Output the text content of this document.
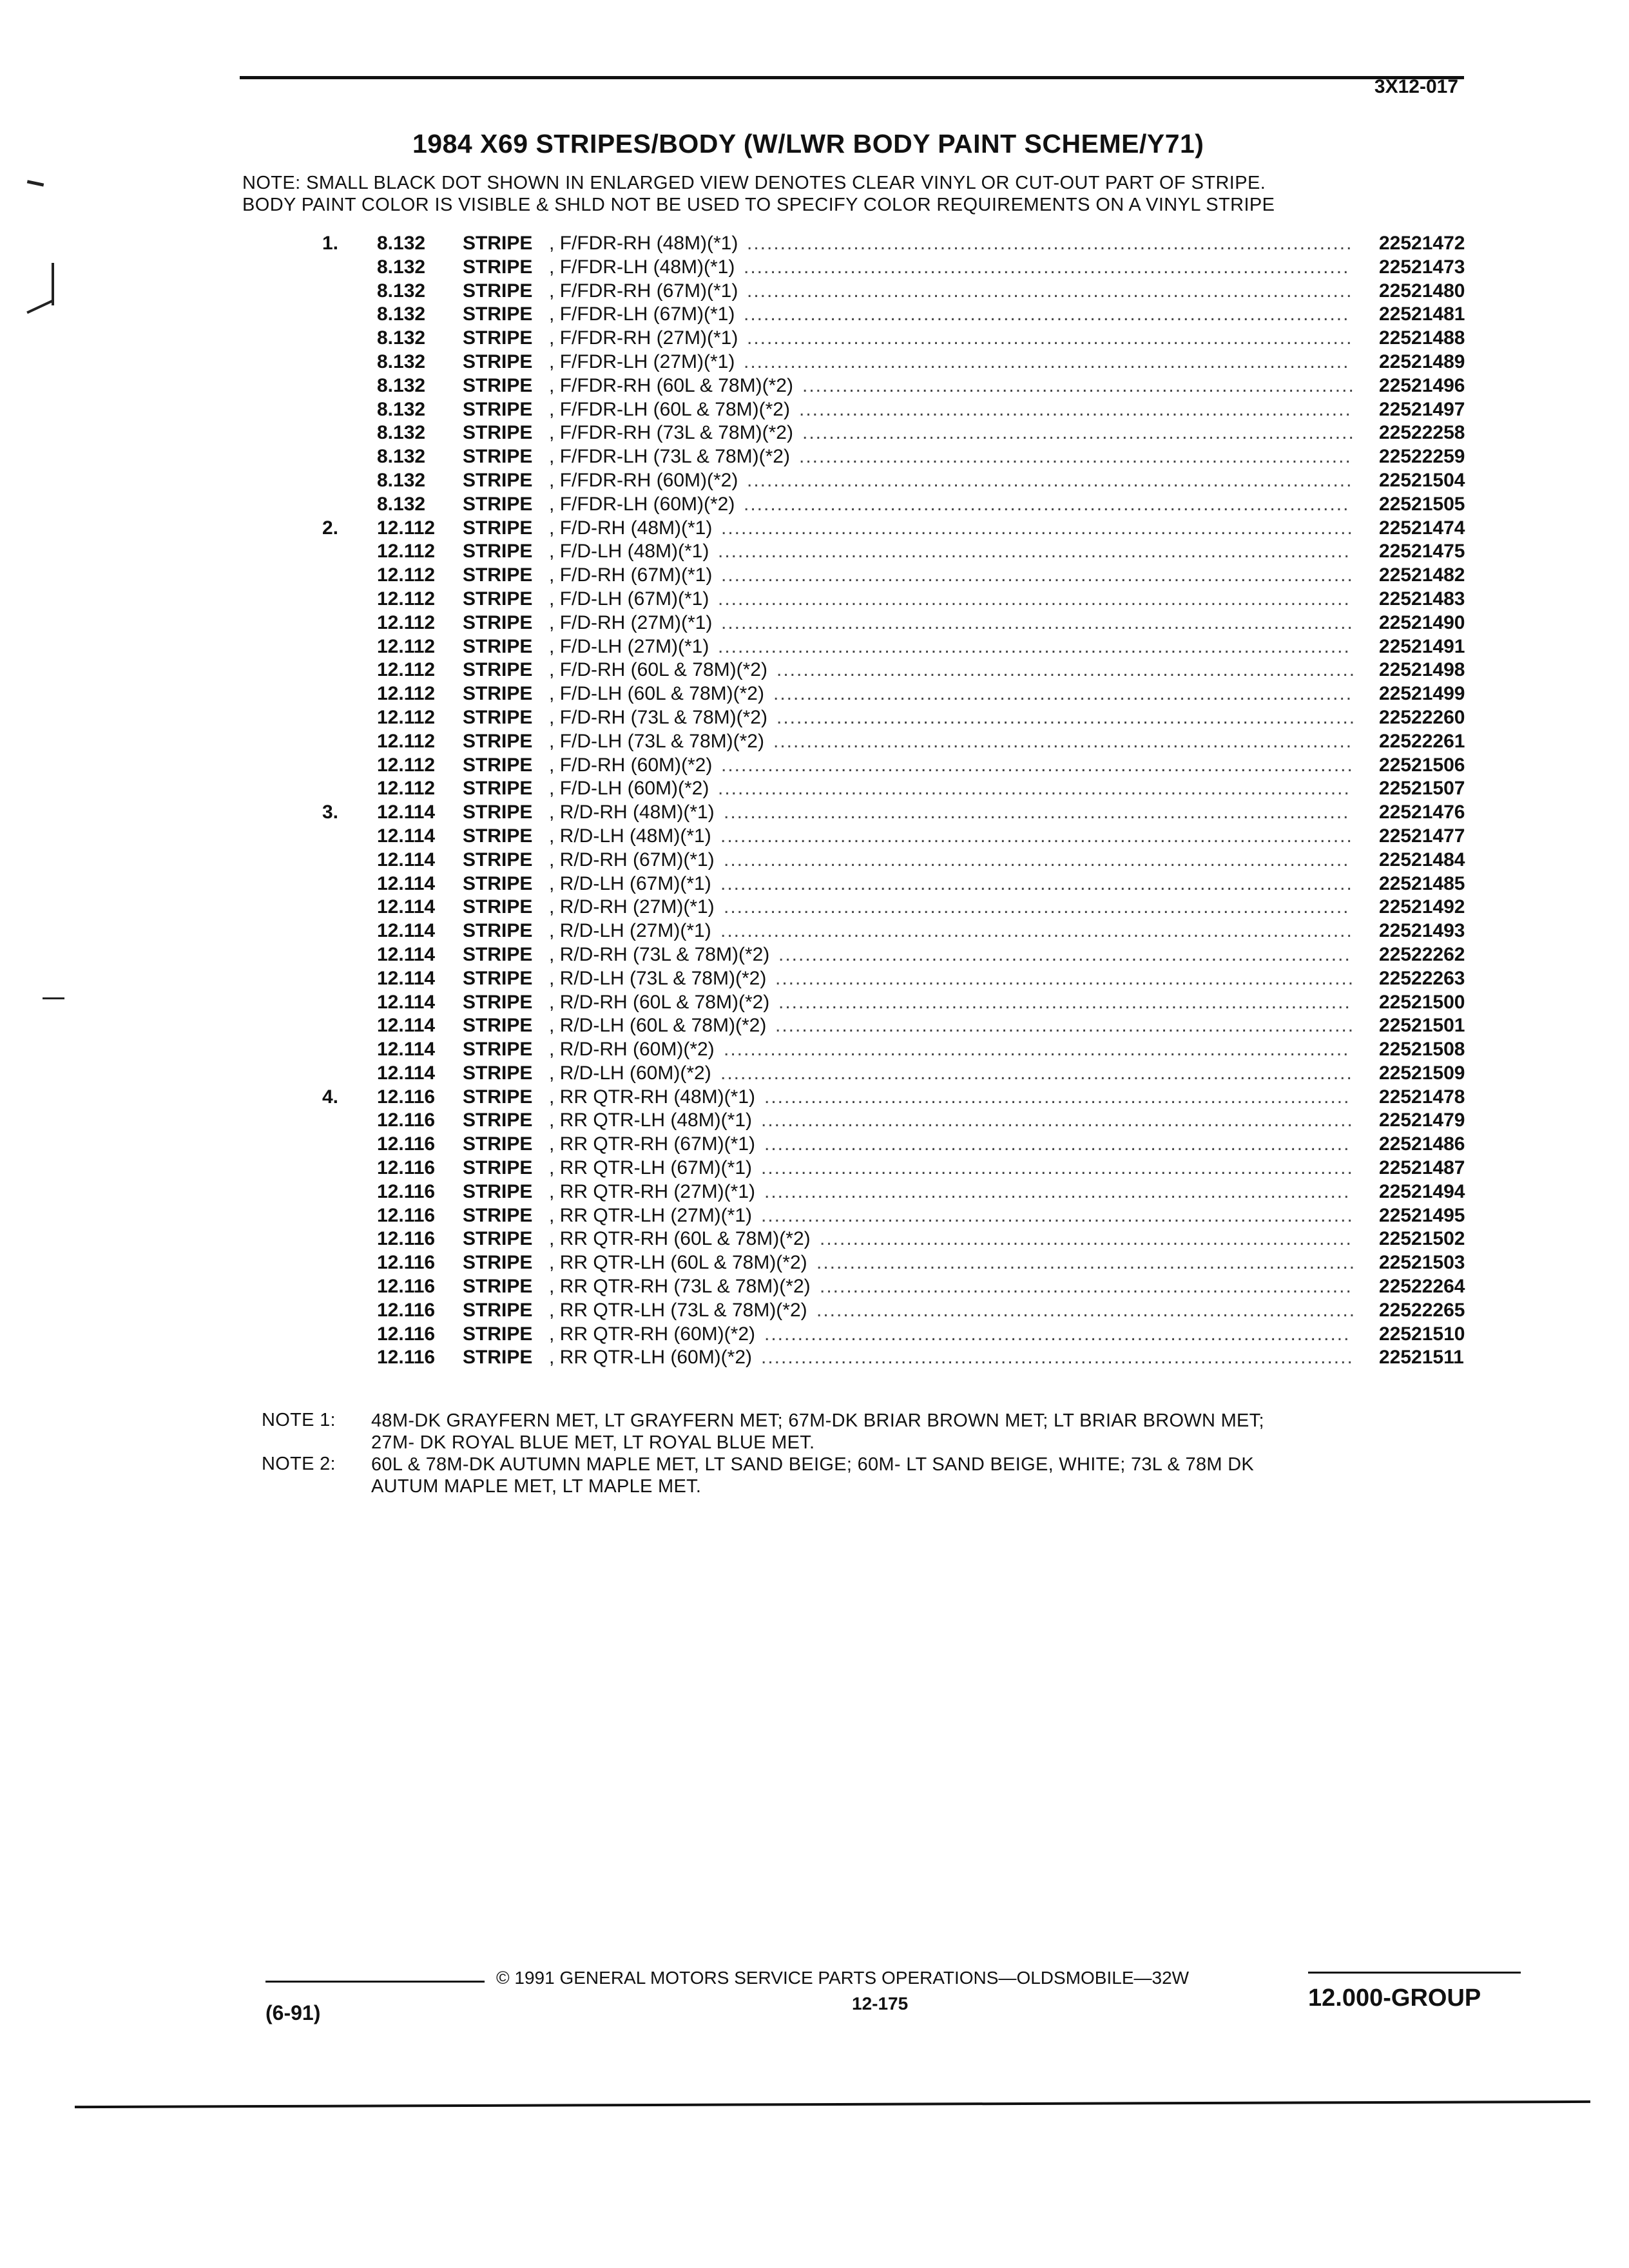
3X12-017
1984 X69 STRIPES/BODY (W/LWR BODY PAINT SCHEME/Y71)
NOTE: SMALL BLACK DOT SHOWN IN ENLARGED VIEW DENOTES CLEAR VINYL OR CUT-OUT PART OF STRIPE.
BODY PAINT COLOR IS VISIBLE & SHLD NOT BE USED TO SPECIFY COLOR REQUIREMENTS ON A VINYL STRIPE
1. 8.132 STRIPE , F/FDR-RH (48M)(*1)	22521472
...........................................................................................
8.132 STRIPE , F/FDR-LH (48M)(*1)	22521473
...........................................................................................
8.132 STRIPE , F/FDR-RH (67M)(*1)	22521480
...........................................................................................
8.132 STRIPE , F/FDR-LH (67M)(*1)	22521481
...........................................................................................
8.132 STRIPE , F/FDR-RH (27M)(*1)	22521488
...........................................................................................
8.132 STRIPE , F/FDR-LH (27M)(*1)	22521489
...........................................................................................
8.132 STRIPE , F/FDR-RH (60L & 78M)(*2)	22521496
...................................................................................
8.132 STRIPE , F/FDR-LH (60L & 78M)(*2)	22521497
...................................................................................
8.132 STRIPE , F/FDR-RH (73L & 78M)(*2)	22522258
...................................................................................
8.132 STRIPE , F/FDR-LH (73L & 78M)(*2)	22522259
...................................................................................
8.132 STRIPE , F/FDR-RH (60M)(*2)	22521504
...........................................................................................
8.132 STRIPE , F/FDR-LH (60M)(*2)	22521505
...........................................................................................
2. 12.112 STRIPE , F/D-RH (48M)(*1)	22521474
...............................................................................................
12.112 STRIPE , F/D-LH (48M)(*1)	22521475
...............................................................................................
12.112 STRIPE , F/D-RH (67M)(*1)	22521482
...............................................................................................
12.112 STRIPE , F/D-LH (67M)(*1)	22521483
...............................................................................................
12.112 STRIPE , F/D-RH (27M)(*1)	22521490
...............................................................................................
12.112 STRIPE , F/D-LH (27M)(*1)	22521491
...............................................................................................
12.112 STRIPE , F/D-RH (60L & 78M)(*2)	22521498
.......................................................................................
12.112 STRIPE , F/D-LH (60L & 78M)(*2)	22521499
.......................................................................................
12.112 STRIPE , F/D-RH (73L & 78M)(*2)	22522260
.......................................................................................
12.112 STRIPE , F/D-LH (73L & 78M)(*2)	22522261
.......................................................................................
12.112 STRIPE , F/D-RH (60M)(*2)	22521506
...............................................................................................
12.112 STRIPE , F/D-LH (60M)(*2)	22521507
...............................................................................................
3. 12.114 STRIPE , R/D-RH (48M)(*1)	22521476
..............................................................................................
12.114 STRIPE , R/D-LH (48M)(*1)	22521477
...............................................................................................
12.114 STRIPE , R/D-RH (67M)(*1)	22521484
..............................................................................................
12.114 STRIPE , R/D-LH (67M)(*1)	22521485
...............................................................................................
12.114 STRIPE , R/D-RH (27M)(*1)	22521492
..............................................................................................
12.114 STRIPE , R/D-LH (27M)(*1)	22521493
...............................................................................................
12.114 STRIPE , R/D-RH (73L & 78M)(*2)	22522262
......................................................................................
12.114 STRIPE , R/D-LH (73L & 78M)(*2)	22522263
.......................................................................................
12.114 STRIPE , R/D-RH (60L & 78M)(*2)	22521500
......................................................................................
12.114 STRIPE , R/D-LH (60L & 78M)(*2)	22521501
.......................................................................................
12.114 STRIPE , R/D-RH (60M)(*2)	22521508
..............................................................................................
12.114 STRIPE , R/D-LH (60M)(*2)	22521509
...............................................................................................
4. 12.116 STRIPE , RR QTR-RH (48M)(*1)	22521478
........................................................................................
12.116 STRIPE , RR QTR-LH (48M)(*1)	22521479
.........................................................................................
12.116 STRIPE , RR QTR-RH (67M)(*1)	22521486
........................................................................................
12.116 STRIPE , RR QTR-LH (67M)(*1)	22521487
.........................................................................................
12.116 STRIPE , RR QTR-RH (27M)(*1)	22521494
........................................................................................
12.116 STRIPE , RR QTR-LH (27M)(*1)	22521495
.........................................................................................
12.116 STRIPE , RR QTR-RH (60L & 78M)(*2)	22521502
................................................................................
12.116 STRIPE , RR QTR-LH (60L & 78M)(*2)	22521503
.................................................................................
12.116 STRIPE , RR QTR-RH (73L & 78M)(*2)	22522264
................................................................................
12.116 STRIPE , RR QTR-LH (73L & 78M)(*2)	22522265
.................................................................................
12.116 STRIPE , RR QTR-RH (60M)(*2)	22521510
........................................................................................
12.116 STRIPE , RR QTR-LH (60M)(*2)	22521511
.........................................................................................
NOTE 1: 48M-DK GRAYFERN MET, LT GRAYFERN MET; 67M-DK BRIAR BROWN MET; LT BRIAR BROWN MET;
27M- DK ROYAL BLUE MET, LT ROYAL BLUE MET.
NOTE 2: 60L & 78M-DK AUTUMN MAPLE MET, LT SAND BEIGE; 60M- LT SAND BEIGE, WHITE; 73L & 78M DK
AUTUM MAPLE MET, LT MAPLE MET.
© 1991 GENERAL MOTORS SERVICE PARTS OPERATIONS—OLDSMOBILE—32W
12-175
(6-91)
12.000-GROUP
